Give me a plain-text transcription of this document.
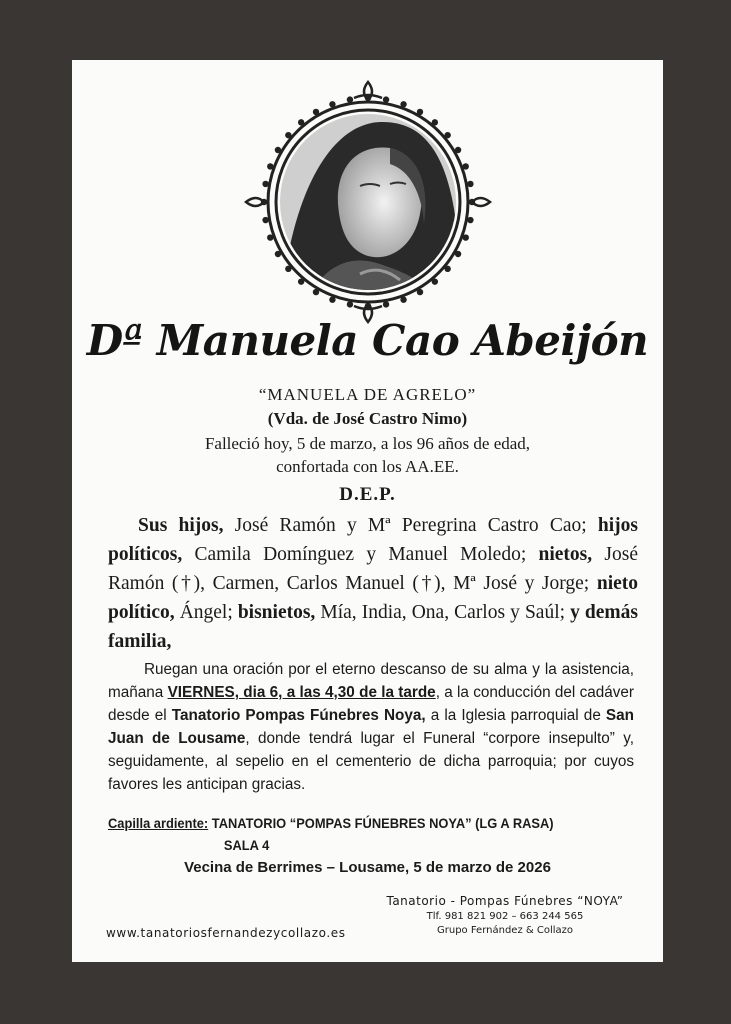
Dª Manuela Cao Abeijón
“MANUELA DE AGRELO”
(Vda. de José Castro Nimo)
Falleció hoy, 5 de marzo, a los 96 años de edad,
confortada con los AA.EE.
D.E.P.

Sus hijos, José Ramón y Mª Peregrina Castro Cao; hijos políticos, Camila Domínguez y Manuel Moledo; nietos, José Ramón (†), Carmen, Carlos Manuel (†), Mª José y Jorge; nieto político, Ángel; bisnietos, Mía, India, Ona, Carlos y Saúl; y demás familia,

Ruegan una oración por el eterno descanso de su alma y la asistencia, mañana VIERNES, dia 6, a las 4,30 de la tarde, a la conducción del cadáver desde el Tanatorio Pompas Fúnebres Noya, a la Iglesia parroquial de San Juan de Lousame, donde tendrá lugar el Funeral “corpore insepulto” y, seguidamente, al sepelio en el cementerio de dicha parroquia; por cuyos favores les anticipan gracias.

Capilla ardiente: TANATORIO “POMPAS FÚNEBRES NOYA” (LG A RASA)
SALA 4
Vecina de Berrimes – Lousame, 5 de marzo de 2026
Tanatorio - Pompas Fúnebres “NOYA”
Tlf. 981 821 902 – 663 244 565
Grupo Fernández & Collazo
www.tanatoriosfernandezycollazo.es
